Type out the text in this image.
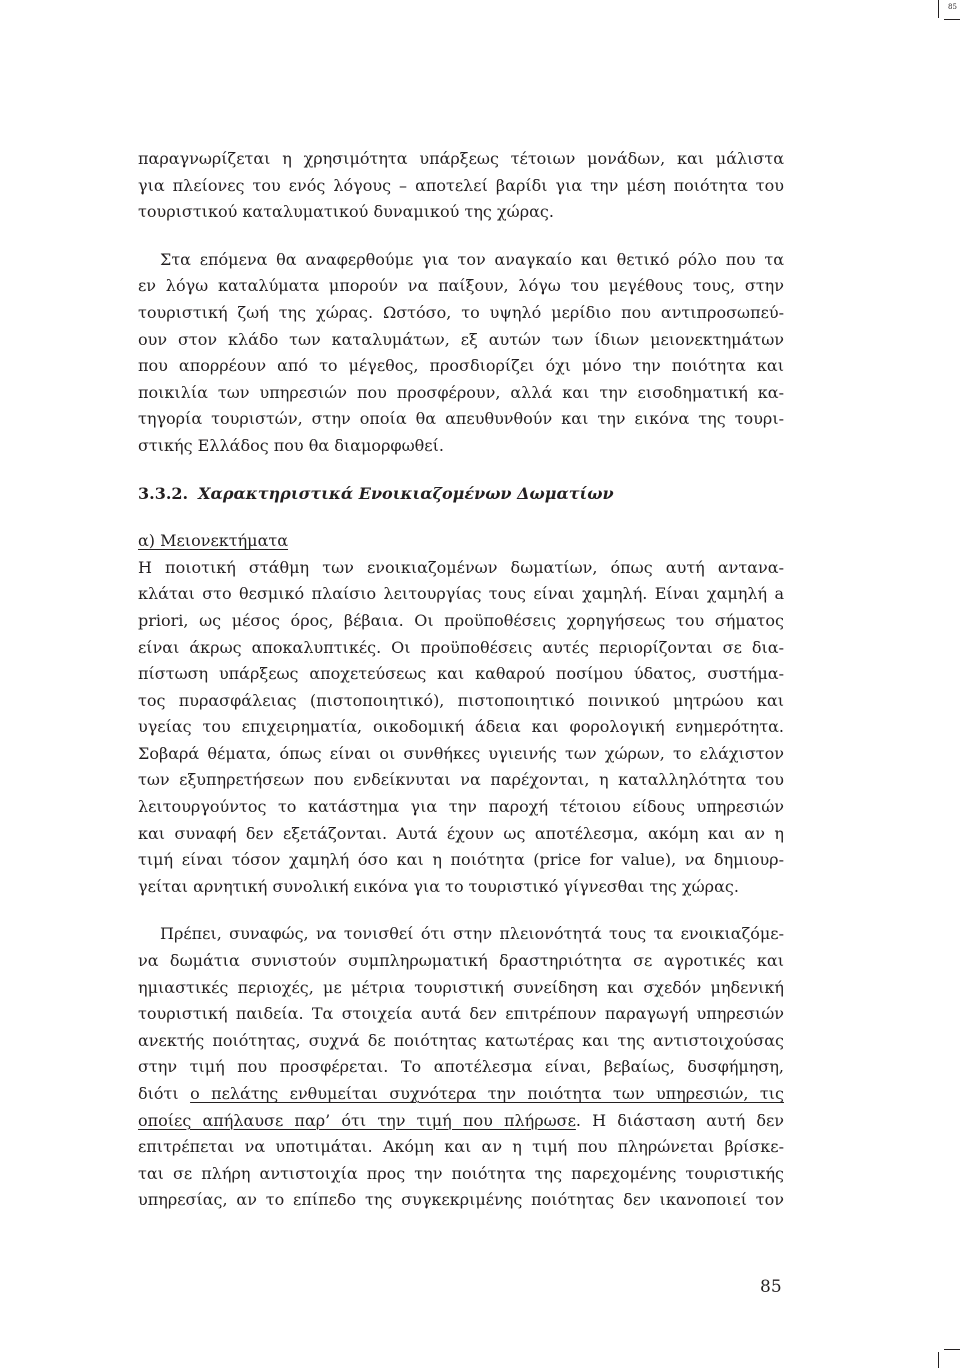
85
παραγνωρίζεται η χρησιμότητα υπάρξεως τέτοιων μονάδων, και μάλιστα
για πλείονες του ενός λόγους – αποτελεί βαρίδι για την μέση ποιότητα του
τουριστικού καταλυματικού δυναμικού της χώρας.
Στα επόμενα θα αναφερθούμε για τον αναγκαίο και θετικό ρόλο που τα
εν λόγω καταλύματα μπορούν να παίξουν, λόγω του μεγέθους τους, στην
τουριστική ζωή της χώρας. Ωστόσο, το υψηλό μερίδιο που αντιπροσωπεύ-
ουν στον κλάδο των καταλυμάτων, εξ αυτών των ίδιων μειονεκτημάτων
που απορρέουν από το μέγεθος, προσδιορίζει όχι μόνο την ποιότητα και
ποικιλία των υπηρεσιών που προσφέρουν, αλλά και την εισοδηματική κα-
τηγορία τουριστών, στην οποία θα απευθυνθούν και την εικόνα της τουρι-
στικής Ελλάδος που θα διαμορφωθεί.
3.3.2. Χαρακτηριστικά Ενοικιαζομένων Δωματίων
α) Μειονεκτήματα
Η ποιοτική στάθμη των ενοικιαζομένων δωματίων, όπως αυτή αντανα-
κλάται στο θεσμικό πλαίσιο λειτουργίας τους είναι χαμηλή. Είναι χαμηλή a
priori, ως μέσος όρος, βέβαια. Οι προϋποθέσεις χορηγήσεως του σήματος
είναι άκρως αποκαλυπτικές. Οι προϋποθέσεις αυτές περιορίζονται σε δια-
πίστωση υπάρξεως αποχετεύσεως και καθαρού ποσίμου ύδατος, συστήμα-
τος πυρασφάλειας (πιστοποιητικό), πιστοποιητικό ποινικού μητρώου και
υγείας του επιχειρηματία, οικοδομική άδεια και φορολογική ενημερότητα.
Σοβαρά θέματα, όπως είναι οι συνθήκες υγιεινής των χώρων, το ελάχιστον
των εξυπηρετήσεων που ενδείκνυται να παρέχονται, η καταλληλότητα του
λειτουργούντος το κατάστημα για την παροχή τέτοιου είδους υπηρεσιών
και συναφή δεν εξετάζονται. Αυτά έχουν ως αποτέλεσμα, ακόμη και αν η
τιμή είναι τόσον χαμηλή όσο και η ποιότητα (price for value), να δημιουρ-
γείται αρνητική συνολική εικόνα για το τουριστικό γίγνεσθαι της χώρας.
Πρέπει, συναφώς, να τονισθεί ότι στην πλειονότητά τους τα ενοικιαζόμε-
να δωμάτια συνιστούν συμπληρωματική δραστηριότητα σε αγροτικές και
ημιαστικές περιοχές, με μέτρια τουριστική συνείδηση και σχεδόν μηδενική
τουριστική παιδεία. Τα στοιχεία αυτά δεν επιτρέπουν παραγωγή υπηρεσιών
ανεκτής ποιότητας, συχνά δε ποιότητας κατωτέρας και της αντιστοιχούσας
στην τιμή που προσφέρεται. Το αποτέλεσμα είναι, βεβαίως, δυσφήμηση,
διότι ο πελάτης ενθυμείται συχνότερα την ποιότητα των υπηρεσιών, τις
οποίες απήλαυσε παρ’ ότι την τιμή που πλήρωσε. Η διάσταση αυτή δεν
επιτρέπεται να υποτιμάται. Ακόμη και αν η τιμή που πληρώνεται βρίσκε-
ται σε πλήρη αντιστοιχία προς την ποιότητα της παρεχομένης τουριστικής
υπηρεσίας, αν το επίπεδο της συγκεκριμένης ποιότητας δεν ικανοποιεί τον
85
